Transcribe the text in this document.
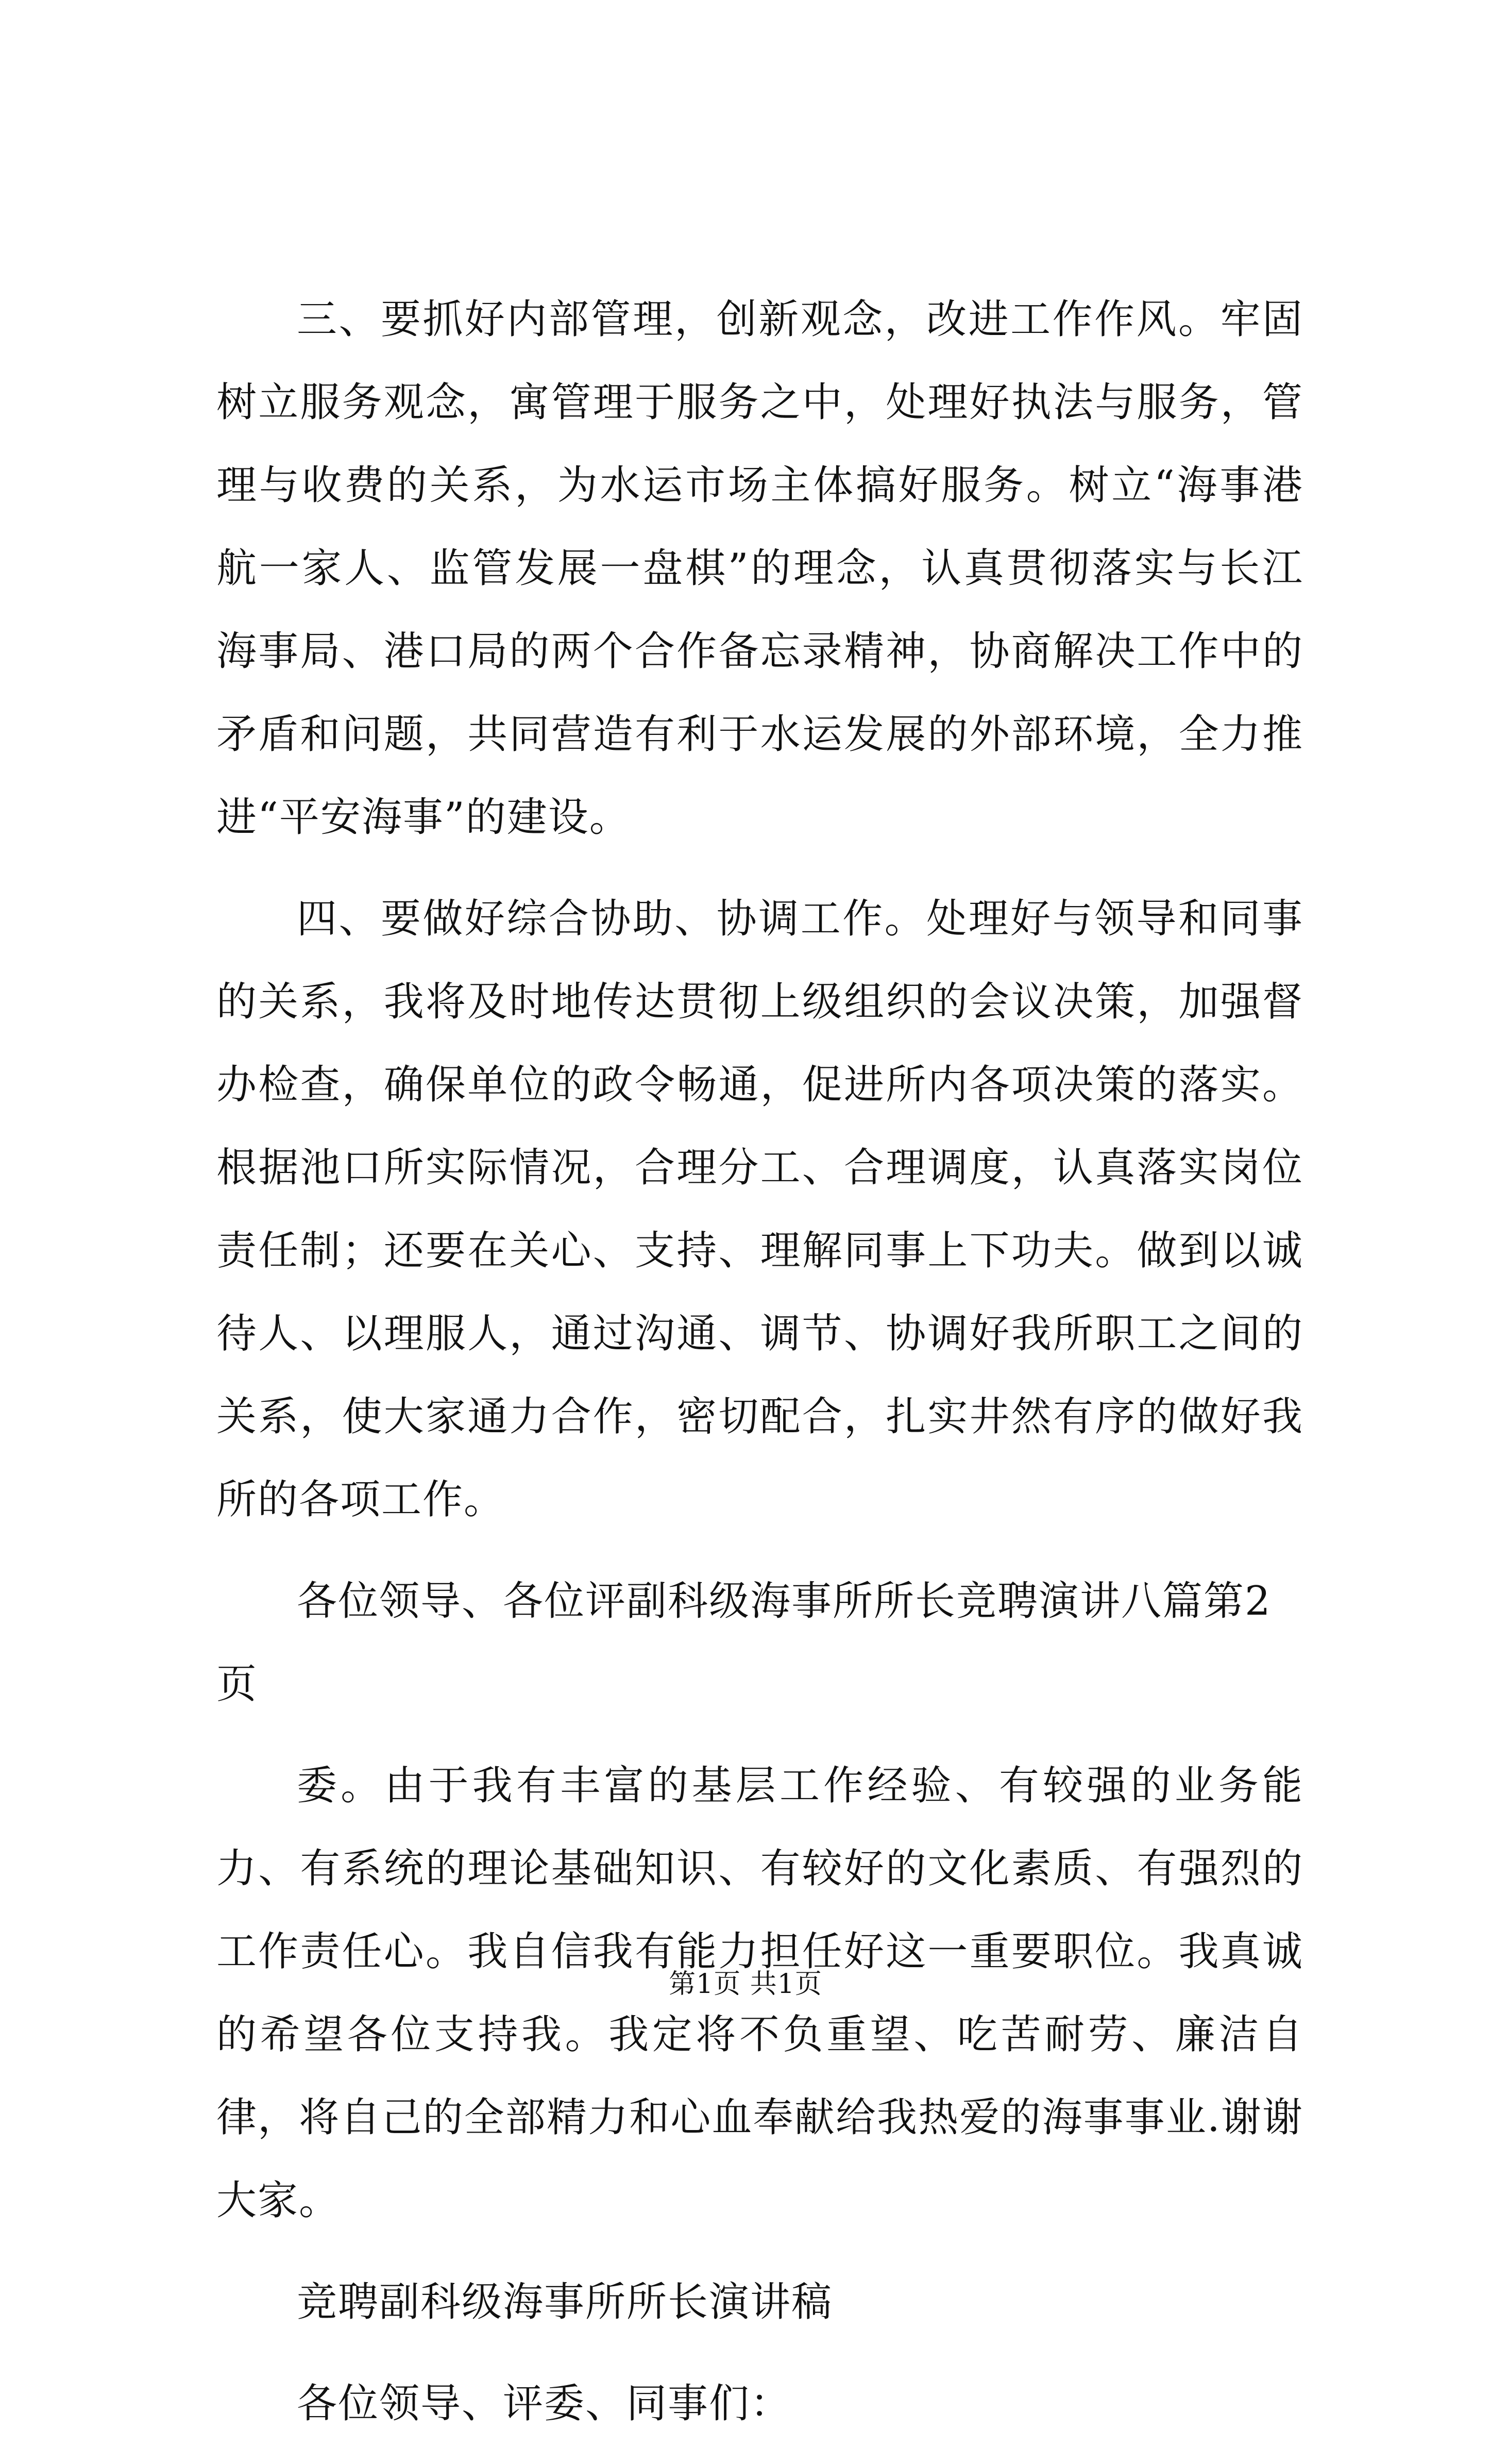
三、要抓好内部管理，创新观念，改进工作作风。牢固树立服务观念，寓管理于服务之中，处理好执法与服务，管理与收费的关系，为水运市场主体搞好服务。树立“海事港航一家人、监管发展一盘棋”的理念，认真贯彻落实与长江海事局、港口局的两个合作备忘录精神，协商解决工作中的矛盾和问题，共同营造有利于水运发展的外部环境，全力推进“平安海事”的建设。

四、要做好综合协助、协调工作。处理好与领导和同事的关系，我将及时地传达贯彻上级组织的会议决策，加强督办检查，确保单位的政令畅通，促进所内各项决策的落实。根据池口所实际情况，合理分工、合理调度，认真落实岗位责任制；还要在关心、支持、理解同事上下功夫。做到以诚待人、以理服人，通过沟通、调节、协调好我所职工之间的关系，使大家通力合作，密切配合，扎实井然有序的做好我所的各项工作。

各位领导、各位评副科级海事所所长竞聘演讲八篇第2页

委。由于我有丰富的基层工作经验、有较强的业务能力、有系统的理论基础知识、有较好的文化素质、有强烈的工作责任心。我自信我有能力担任好这一重要职位。我真诚的希望各位支持我。我定将不负重望、吃苦耐劳、廉洁自律，将自己的全部精力和心血奉献给我热爱的海事事业.谢谢大家。

竞聘副科级海事所所长演讲稿

各位领导、评委、同事们：

第1页 共1页
